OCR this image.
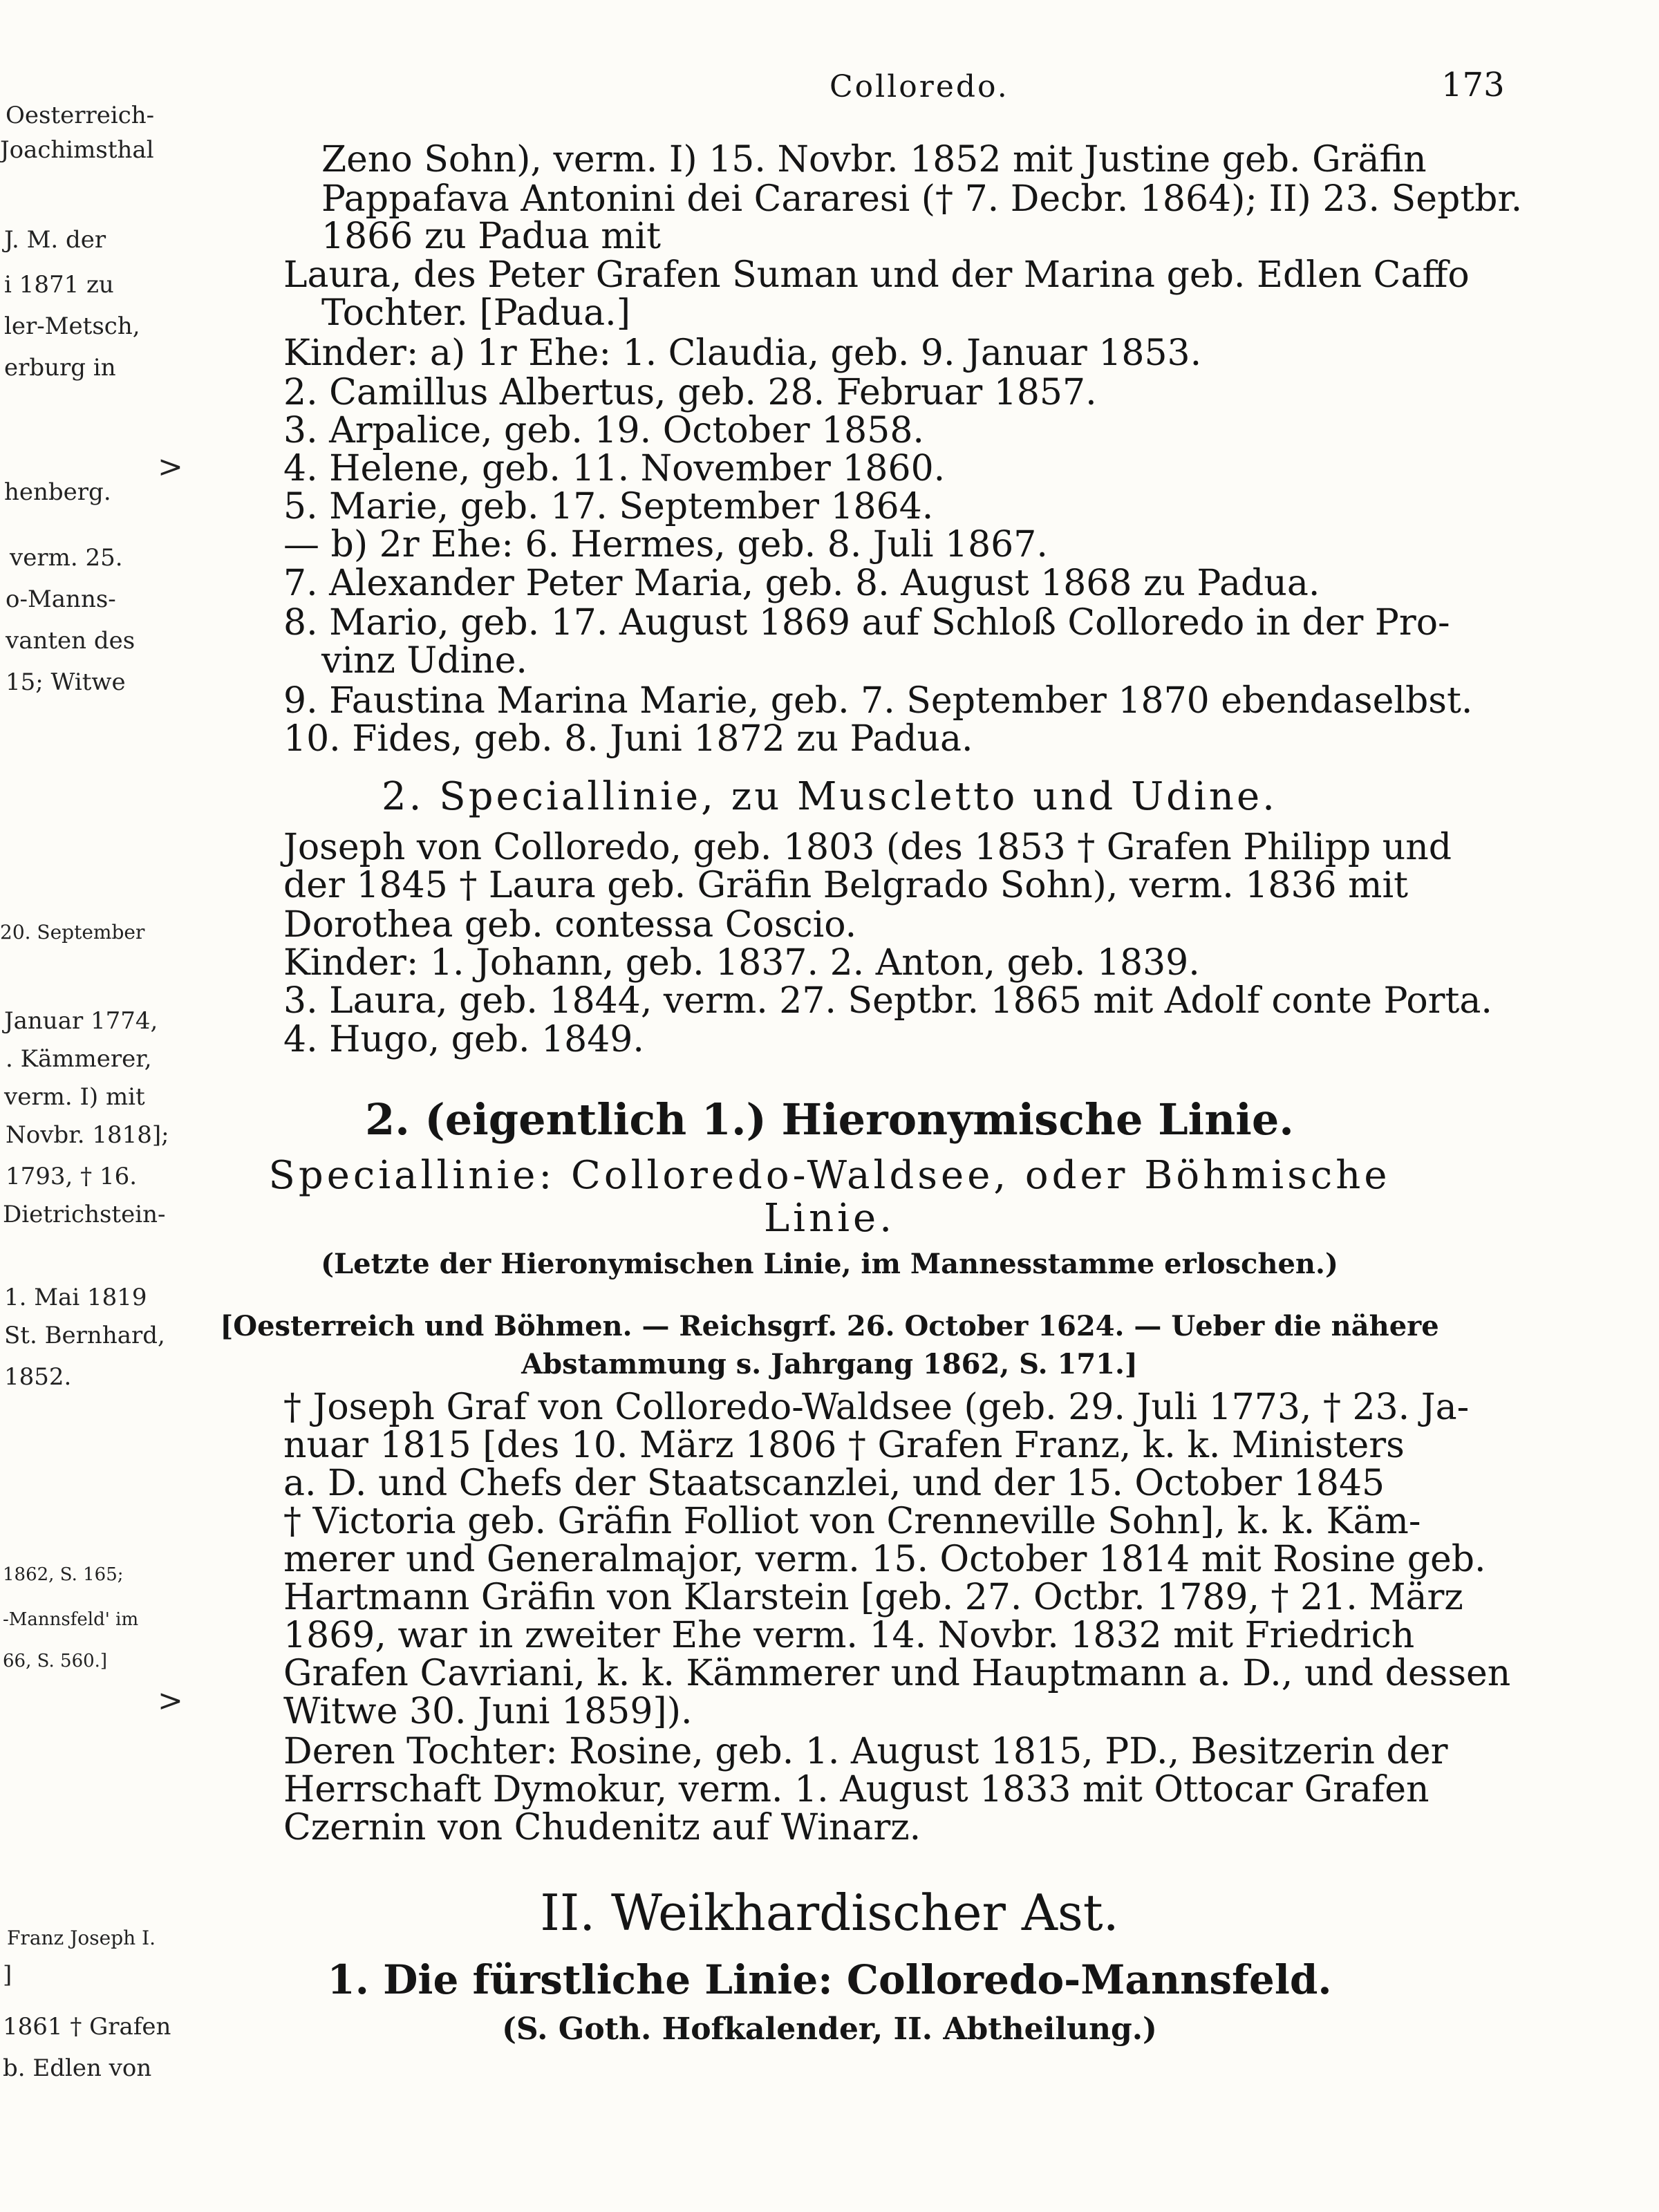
Oesterreich-
Joachimsthal
J. M. der
i 1871 zu
ler-Metsch,
erburg in
henberg.
verm. 25.
o-Manns-
vanten des
15; Witwe
20. September
Januar 1774,
. Kämmerer,
verm. I) mit
Novbr. 1818];
1793, † 16.
Dietrichstein-
1. Mai 1819
St. Bernhard,
1852.
1862, S. 165;
-Mannsfeld' im
66, S. 560.]
Franz Joseph I.
]
1861 † Grafen
b. Edlen von
>
>
Colloredo.	173
Zeno Sohn), verm. I) 15. Novbr. 1852 mit Justine geb. Gräfin
Pappafava Antonini dei Cararesi († 7. Decbr. 1864); II) 23. Septbr.
1866 zu Padua mit
Laura, des Peter Grafen Suman und der Marina geb. Edlen Caffo
Tochter. [Padua.]
Kinder: a) 1r Ehe: 1. Claudia, geb. 9. Januar 1853.
2. Camillus Albertus, geb. 28. Februar 1857.
3. Arpalice, geb. 19. October 1858.
4. Helene, geb. 11. November 1860.
5. Marie, geb. 17. September 1864.
— b) 2r Ehe: 6. Hermes, geb. 8. Juli 1867.
7. Alexander Peter Maria, geb. 8. August 1868 zu Padua.
8. Mario, geb. 17. August 1869 auf Schloß Colloredo in der Pro-
vinz Udine.
9. Faustina Marina Marie, geb. 7. September 1870 ebendaselbst.
10. Fides, geb. 8. Juni 1872 zu Padua.
2. Speciallinie, zu Muscletto und Udine.
Joseph von Colloredo, geb. 1803 (des 1853 † Grafen Philipp und
der 1845 † Laura geb. Gräfin Belgrado Sohn), verm. 1836 mit
Dorothea geb. contessa Coscio.
Kinder: 1. Johann, geb. 1837. 2. Anton, geb. 1839.
3. Laura, geb. 1844, verm. 27. Septbr. 1865 mit Adolf conte Porta.
4. Hugo, geb. 1849.
2. (eigentlich 1.) Hieronymische Linie.
Speciallinie: Colloredo-Waldsee, oder Böhmische
Linie.
(Letzte der Hieronymischen Linie, im Mannesstamme erloschen.)
[Oesterreich und Böhmen. — Reichsgrf. 26. October 1624. — Ueber die nähere
Abstammung s. Jahrgang 1862, S. 171.]
† Joseph Graf von Colloredo-Waldsee (geb. 29. Juli 1773, † 23. Ja-
nuar 1815 [des 10. März 1806 † Grafen Franz, k. k. Ministers
a. D. und Chefs der Staatscanzlei, und der 15. October 1845
† Victoria geb. Gräfin Folliot von Crenneville Sohn], k. k. Käm-
merer und Generalmajor, verm. 15. October 1814 mit Rosine geb.
Hartmann Gräfin von Klarstein [geb. 27. Octbr. 1789, † 21. März
1869, war in zweiter Ehe verm. 14. Novbr. 1832 mit Friedrich
Grafen Cavriani, k. k. Kämmerer und Hauptmann a. D., und dessen
Witwe 30. Juni 1859]).
Deren Tochter: Rosine, geb. 1. August 1815, PD., Besitzerin der
Herrschaft Dymokur, verm. 1. August 1833 mit Ottocar Grafen
Czernin von Chudenitz auf Winarz.
II. Weikhardischer Ast.
1. Die fürstliche Linie: Colloredo-Mannsfeld.
(S. Goth. Hofkalender, II. Abtheilung.)
